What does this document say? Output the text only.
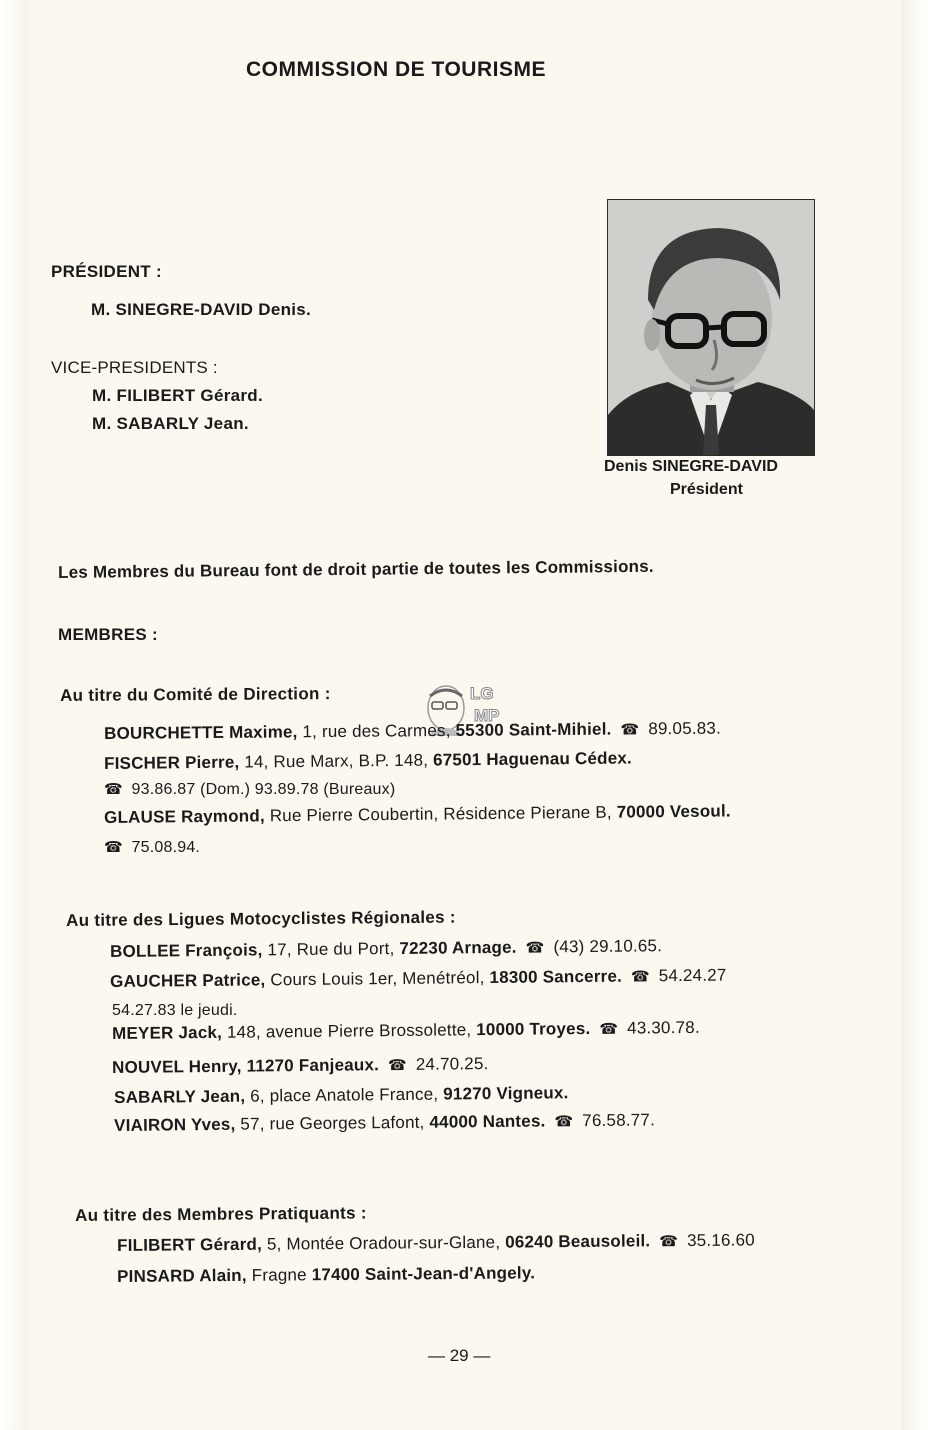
COMMISSION DE TOURISME
PRÉSIDENT :
M. SINEGRE-DAVID Denis.
VICE-PRESIDENTS :
M. FILIBERT Gérard.
M. SABARLY Jean.
Denis SINEGRE-DAVID
Président
Les Membres du Bureau font de droit partie de toutes les Commissions.
MEMBRES :
Au titre du Comité de Direction :	LG
MP
BOURCHETTE Maxime, 1, rue des Carmes, 55300 Saint-Mihiel. ☎ 89.05.83.
FISCHER Pierre, 14, Rue Marx, B.P. 148, 67501 Haguenau Cédex.
☎ 93.86.87 (Dom.) 93.89.78 (Bureaux)
GLAUSE Raymond, Rue Pierre Coubertin, Résidence Pierane B, 70000 Vesoul.
☎ 75.08.94.
Au titre des Ligues Motocyclistes Régionales :
BOLLEE François, 17, Rue du Port, 72230 Arnage. ☎ (43) 29.10.65.
GAUCHER Patrice, Cours Louis 1er, Menétréol, 18300 Sancerre. ☎ 54.24.27
54.27.83 le jeudi.
MEYER Jack, 148, avenue Pierre Brossolette, 10000 Troyes. ☎ 43.30.78.
NOUVEL Henry, 11270 Fanjeaux. ☎ 24.70.25.
SABARLY Jean, 6, place Anatole France, 91270 Vigneux.
VIAIRON Yves, 57, rue Georges Lafont, 44000 Nantes. ☎ 76.58.77.
Au titre des Membres Pratiquants :
FILIBERT Gérard, 5, Montée Oradour-sur-Glane, 06240 Beausoleil. ☎ 35.16.60
PINSARD Alain, Fragne 17400 Saint-Jean-d'Angely.
— 29 —
